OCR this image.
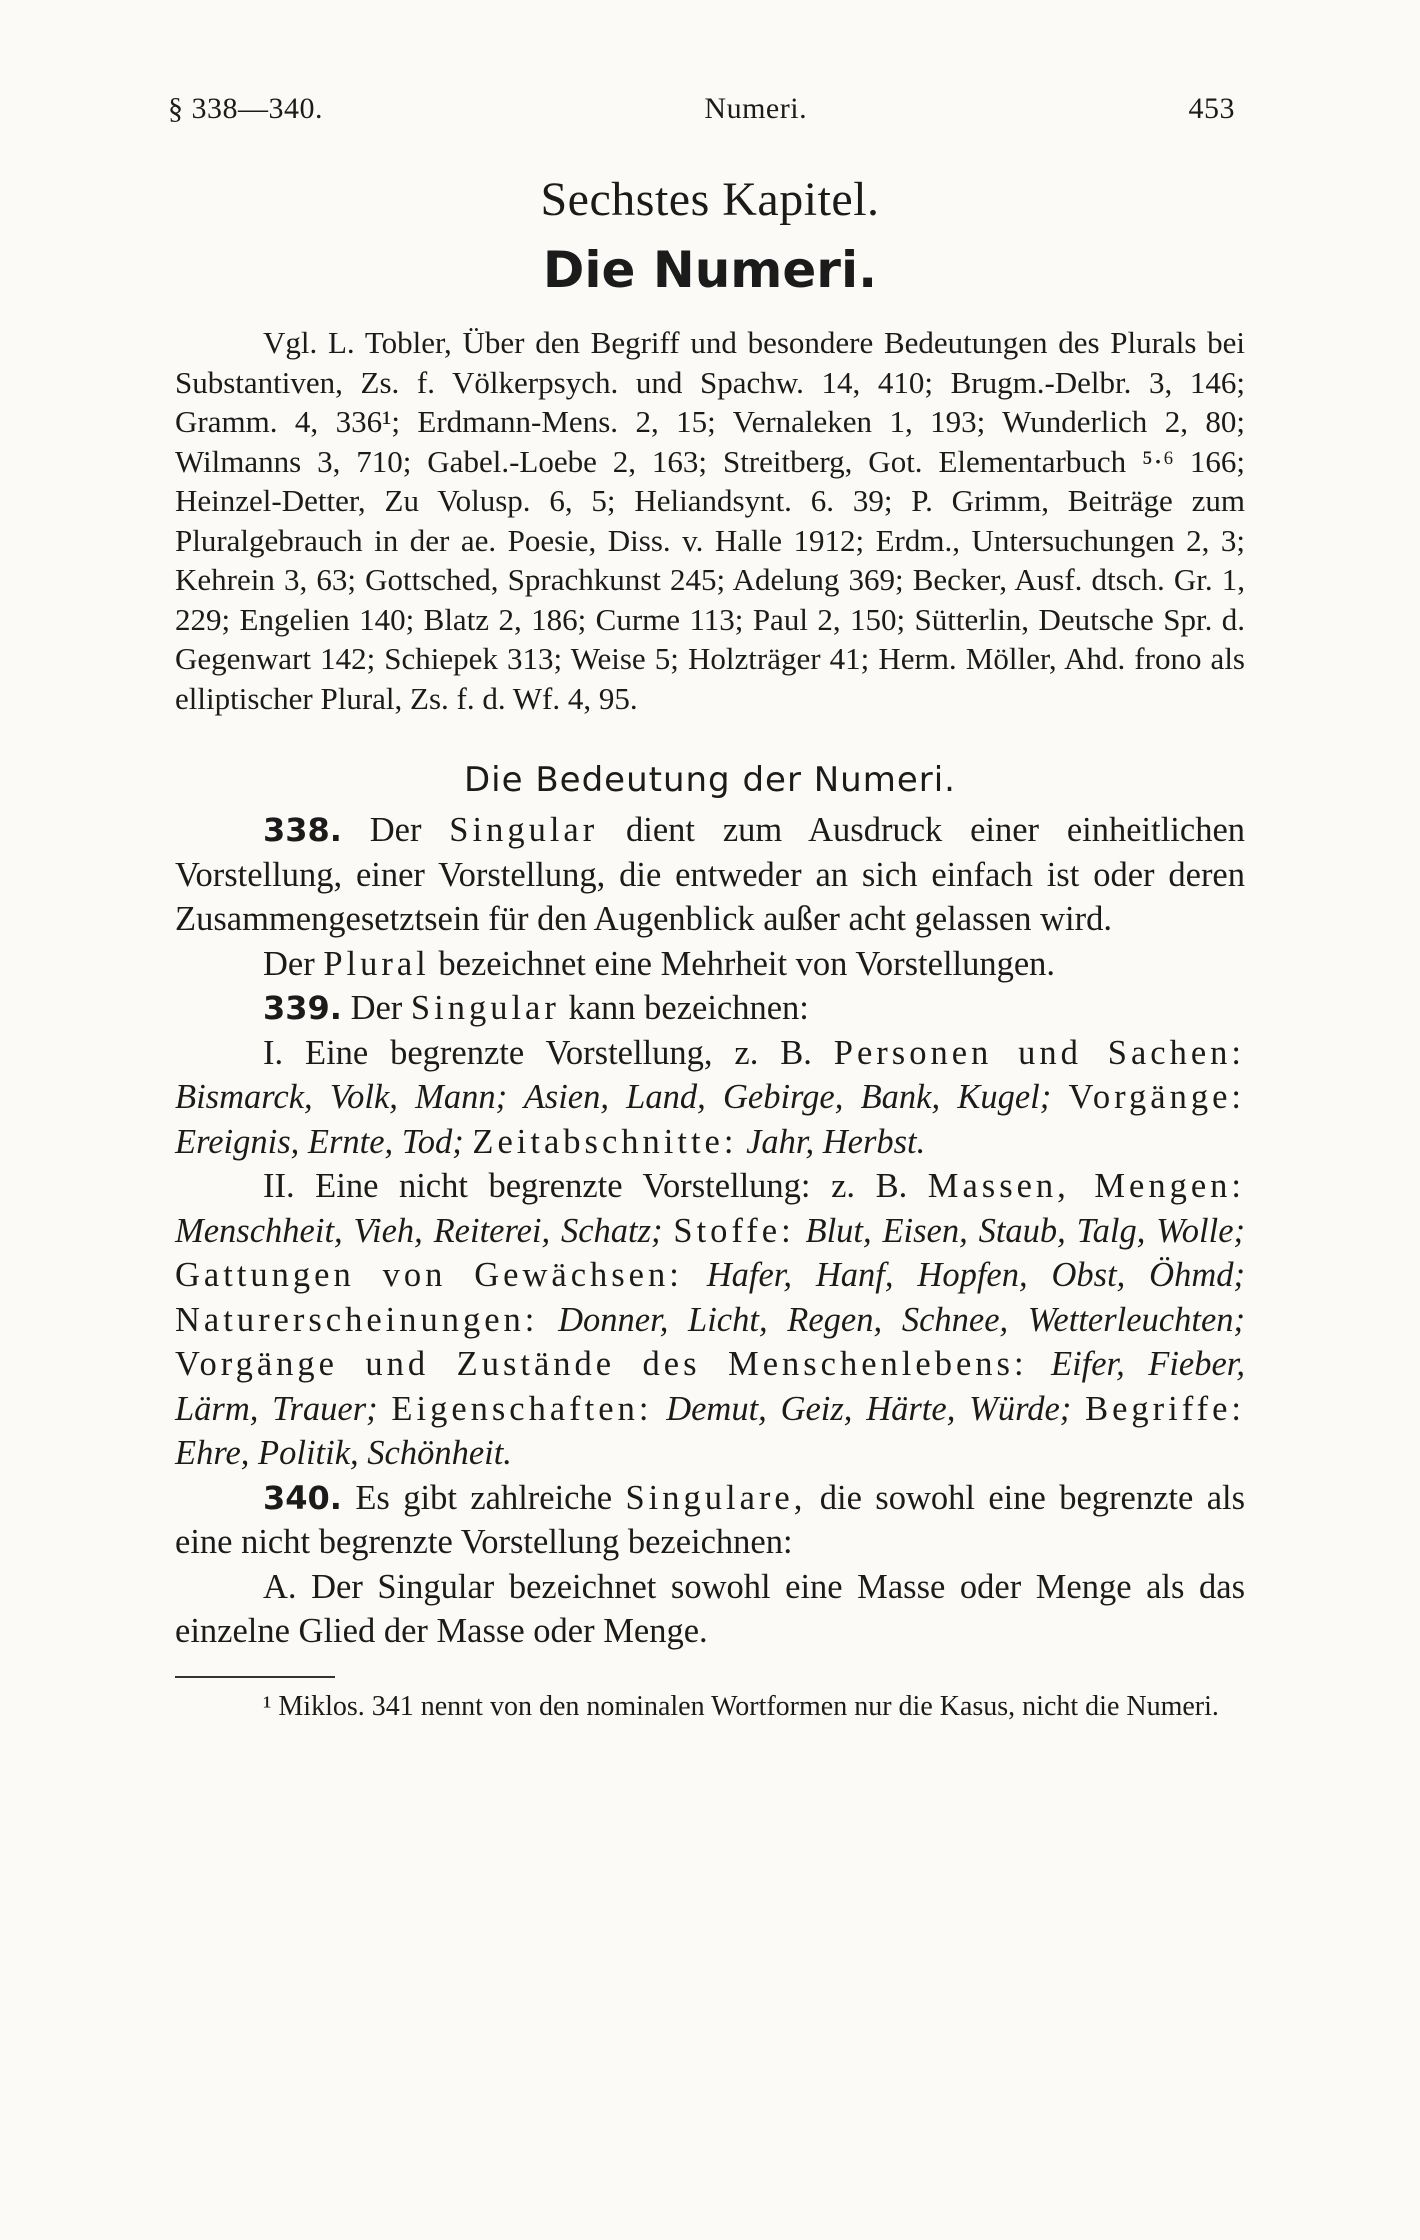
§ 338—340.	Numeri.	453
Sechstes Kapitel.
Die Numeri.

Vgl. L. Tobler, Über den Begriff und besondere Bedeutungen des Plurals bei Substantiven, Zs. f. Völkerpsych. und Spachw. 14, 410; Brugm.-Delbr. 3, 146; Gramm. 4, 336¹; Erdmann-Mens. 2, 15; Vernaleken 1, 193; Wunderlich 2, 80; Wilmanns 3, 710; Gabel.-Loebe 2, 163; Streitberg, Got. Elementarbuch ⁵·⁶ 166; Heinzel-Detter, Zu Volusp. 6, 5; Heliandsynt. 6. 39; P. Grimm, Beiträge zum Pluralgebrauch in der ae. Poesie, Diss. v. Halle 1912; Erdm., Untersuchungen 2, 3; Kehrein 3, 63; Gottsched, Sprachkunst 245; Adelung 369; Becker, Ausf. dtsch. Gr. 1, 229; Engelien 140; Blatz 2, 186; Curme 113; Paul 2, 150; Sütterlin, Deutsche Spr. d. Gegenwart 142; Schiepek 313; Weise 5; Holzträger 41; Herm. Möller, Ahd. frono als elliptischer Plural, Zs. f. d. Wf. 4, 95.

Die Bedeutung der Numeri.

338. Der Singular dient zum Ausdruck einer einheitlichen Vorstellung, einer Vorstellung, die entweder an sich einfach ist oder deren Zusammengesetztsein für den Augenblick außer acht gelassen wird.

Der Plural bezeichnet eine Mehrheit von Vorstellungen.

339. Der Singular kann bezeichnen:

I. Eine begrenzte Vorstellung, z. B. Personen und Sachen: Bismarck, Volk, Mann; Asien, Land, Gebirge, Bank, Kugel; Vorgänge: Ereignis, Ernte, Tod; Zeitabschnitte: Jahr, Herbst.

II. Eine nicht begrenzte Vorstellung: z. B. Massen, Mengen: Menschheit, Vieh, Reiterei, Schatz; Stoffe: Blut, Eisen, Staub, Talg, Wolle; Gattungen von Gewächsen: Hafer, Hanf, Hopfen, Obst, Öhmd; Naturerscheinungen: Donner, Licht, Regen, Schnee, Wetterleuchten; Vorgänge und Zustände des Menschenlebens: Eifer, Fieber, Lärm, Trauer; Eigenschaften: Demut, Geiz, Härte, Würde; Begriffe: Ehre, Politik, Schönheit.

340. Es gibt zahlreiche Singulare, die sowohl eine begrenzte als eine nicht begrenzte Vorstellung bezeichnen:

A. Der Singular bezeichnet sowohl eine Masse oder Menge als das einzelne Glied der Masse oder Menge.

¹ Miklos. 341 nennt von den nominalen Wortformen nur die Kasus, nicht die Numeri.
